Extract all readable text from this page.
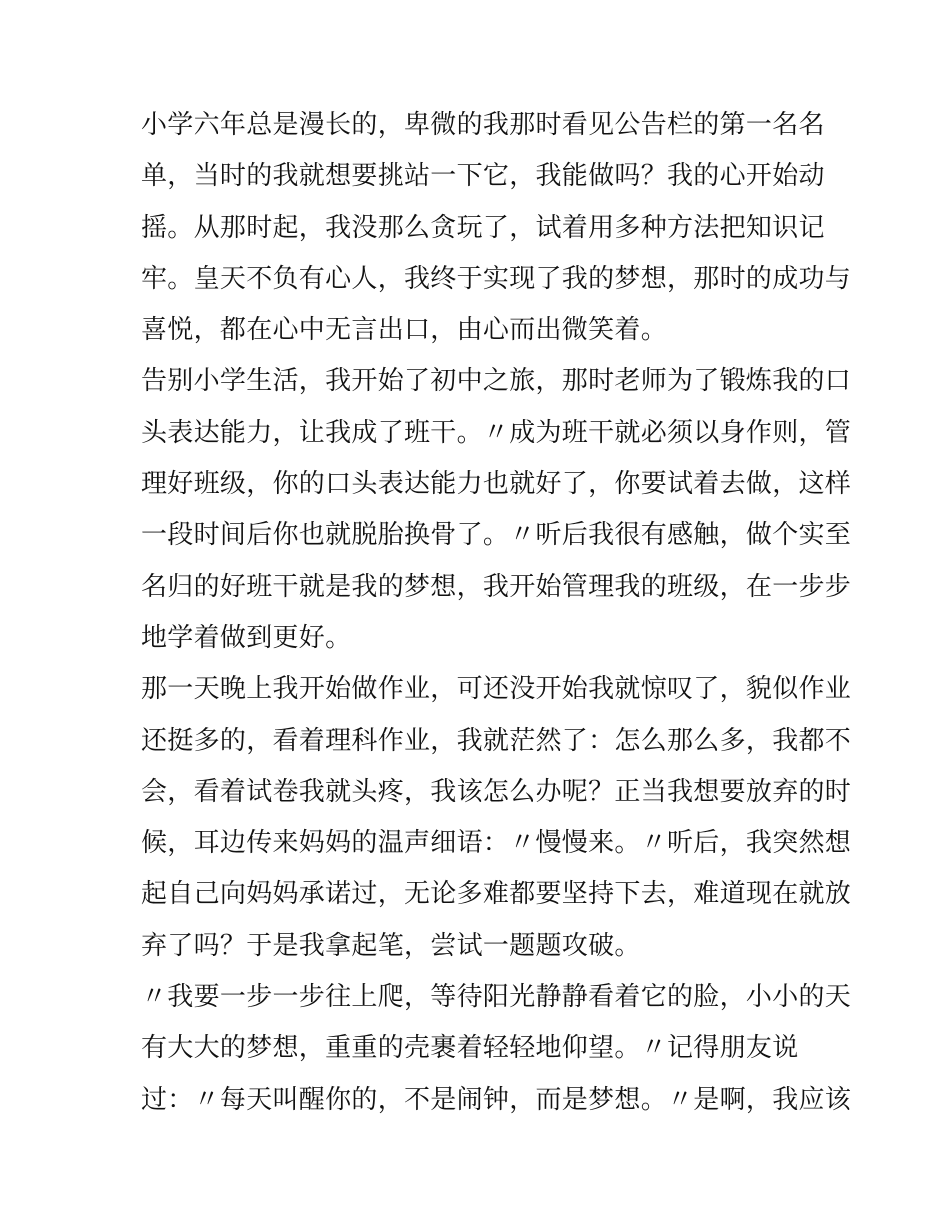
小学六年总是漫长的，卑微的我那时看见公告栏的第一名名
单，当时的我就想要挑站一下它，我能做吗？我的心开始动
摇。从那时起，我没那么贪玩了，试着用多种方法把知识记
牢。皇天不负有心人，我终于实现了我的梦想，那时的成功与
喜悦，都在心中无言出口，由心而出微笑着。
告别小学生活，我开始了初中之旅，那时老师为了锻炼我的口
头表达能力，让我成了班干。〃成为班干就必须以身作则，管
理好班级，你的口头表达能力也就好了，你要试着去做，这样
一段时间后你也就脱胎换骨了。〃听后我很有感触，做个实至
名归的好班干就是我的梦想，我开始管理我的班级，在一步步
地学着做到更好。
那一天晚上我开始做作业，可还没开始我就惊叹了，貌似作业
还挺多的，看着理科作业，我就茫然了：怎么那么多，我都不
会，看着试卷我就头疼，我该怎么办呢？正当我想要放弃的时
候，耳边传来妈妈的温声细语：〃慢慢来。〃听后，我突然想
起自己向妈妈承诺过，无论多难都要坚持下去，难道现在就放
弃了吗？于是我拿起笔，尝试一题题攻破。
〃我要一步一步往上爬，等待阳光静静看着它的脸，小小的天
有大大的梦想，重重的壳裹着轻轻地仰望。〃记得朋友说
过：〃每天叫醒你的，不是闹钟，而是梦想。〃是啊，我应该
